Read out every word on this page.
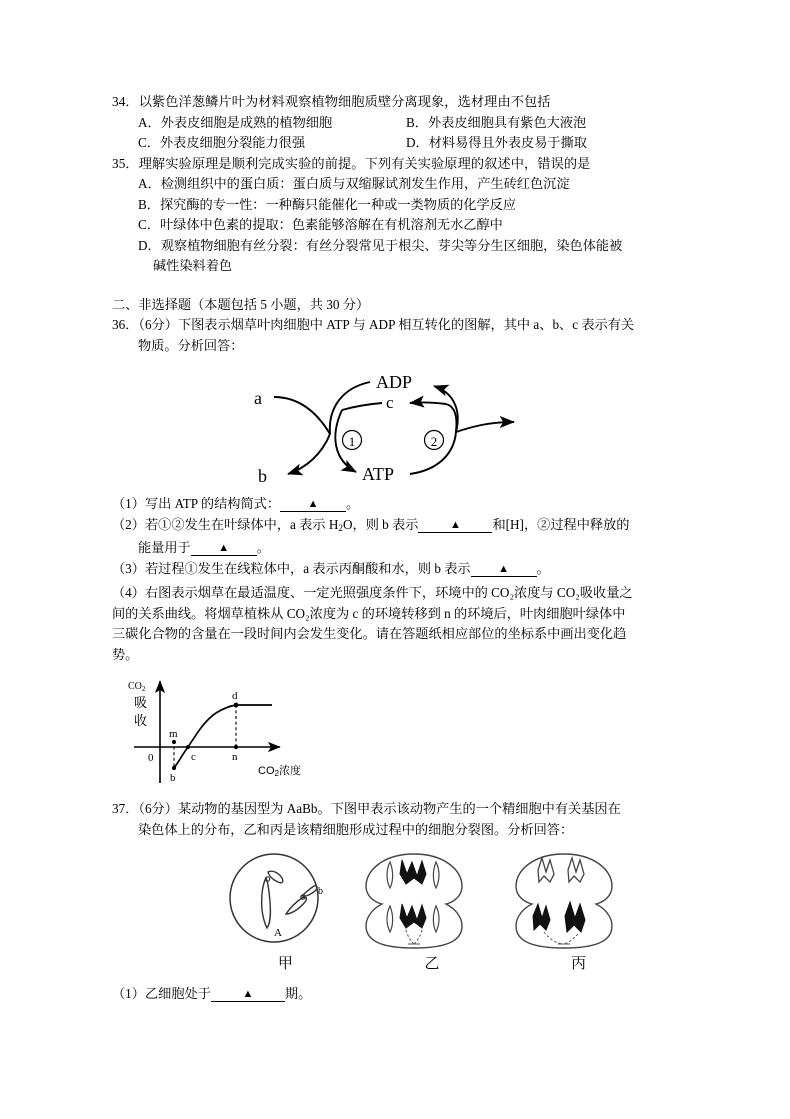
34．以紫色洋葱鳞片叶为材料观察植物细胞质壁分离现象，选材理由不包括
A．外表皮细胞是成熟的植物细胞	B．外表皮细胞具有紫色大液泡
C．外表皮细胞分裂能力很强	D．材料易得且外表皮易于撕取
35．理解实验原理是顺利完成实验的前提。下列有关实验原理的叙述中，错误的是
A．检测组织中的蛋白质：蛋白质与双缩脲试剂发生作用，产生砖红色沉淀
B．探究酶的专一性：一种酶只能催化一种或一类物质的化学反应
C．叶绿体中色素的提取：色素能够溶解在有机溶剂无水乙醇中
D．观察植物细胞有丝分裂：有丝分裂常见于根尖、芽尖等分生区细胞，染色体能被
碱性染料着色
二、非选择题（本题包括 5 小题，共 30 分）
36．（6分）下图表示烟草叶肉细胞中 ATP 与 ADP 相互转化的图解，其中 a、b、c 表示有关
物质。分析回答：
ADP
c
ATP
a
b
1	2
（1）写出 ATP 的结构简式：	▲ 。
（2）若①②发生在叶绿体中，a 表示 $H_2O$，则 b 表示	▲ 和[H]，②过程中释放的
能量用于	▲ 。
（3）若过程①发生在线粒体中，a 表示丙酮酸和水，则 b 表示	▲ 。
（4）右图表示烟草在最适温度、一定光照强度条件下，环境中的 CO₂浓度与 CO₂吸收量之
间的关系曲线。将烟草植株从 CO₂浓度为 c 的环境转移到 n 的环境后，叶肉细胞叶绿体中
三碳化合物的含量在一段时间内会发生变化。请在答题纸相应部位的坐标系中画出变化趋
势。
$CO_2$
吸
收
0
m
b
c	n
d
CO2浓度
37．（6分）某动物的基因型为 AaBb。下图甲表示该动物产生的一个精细胞中有关基因在
染色体上的分布，乙和丙是该精细胞形成过程中的细胞分裂图。分析回答：
A
b
甲	乙	丙
（1）乙细胞处于	▲ 期。
